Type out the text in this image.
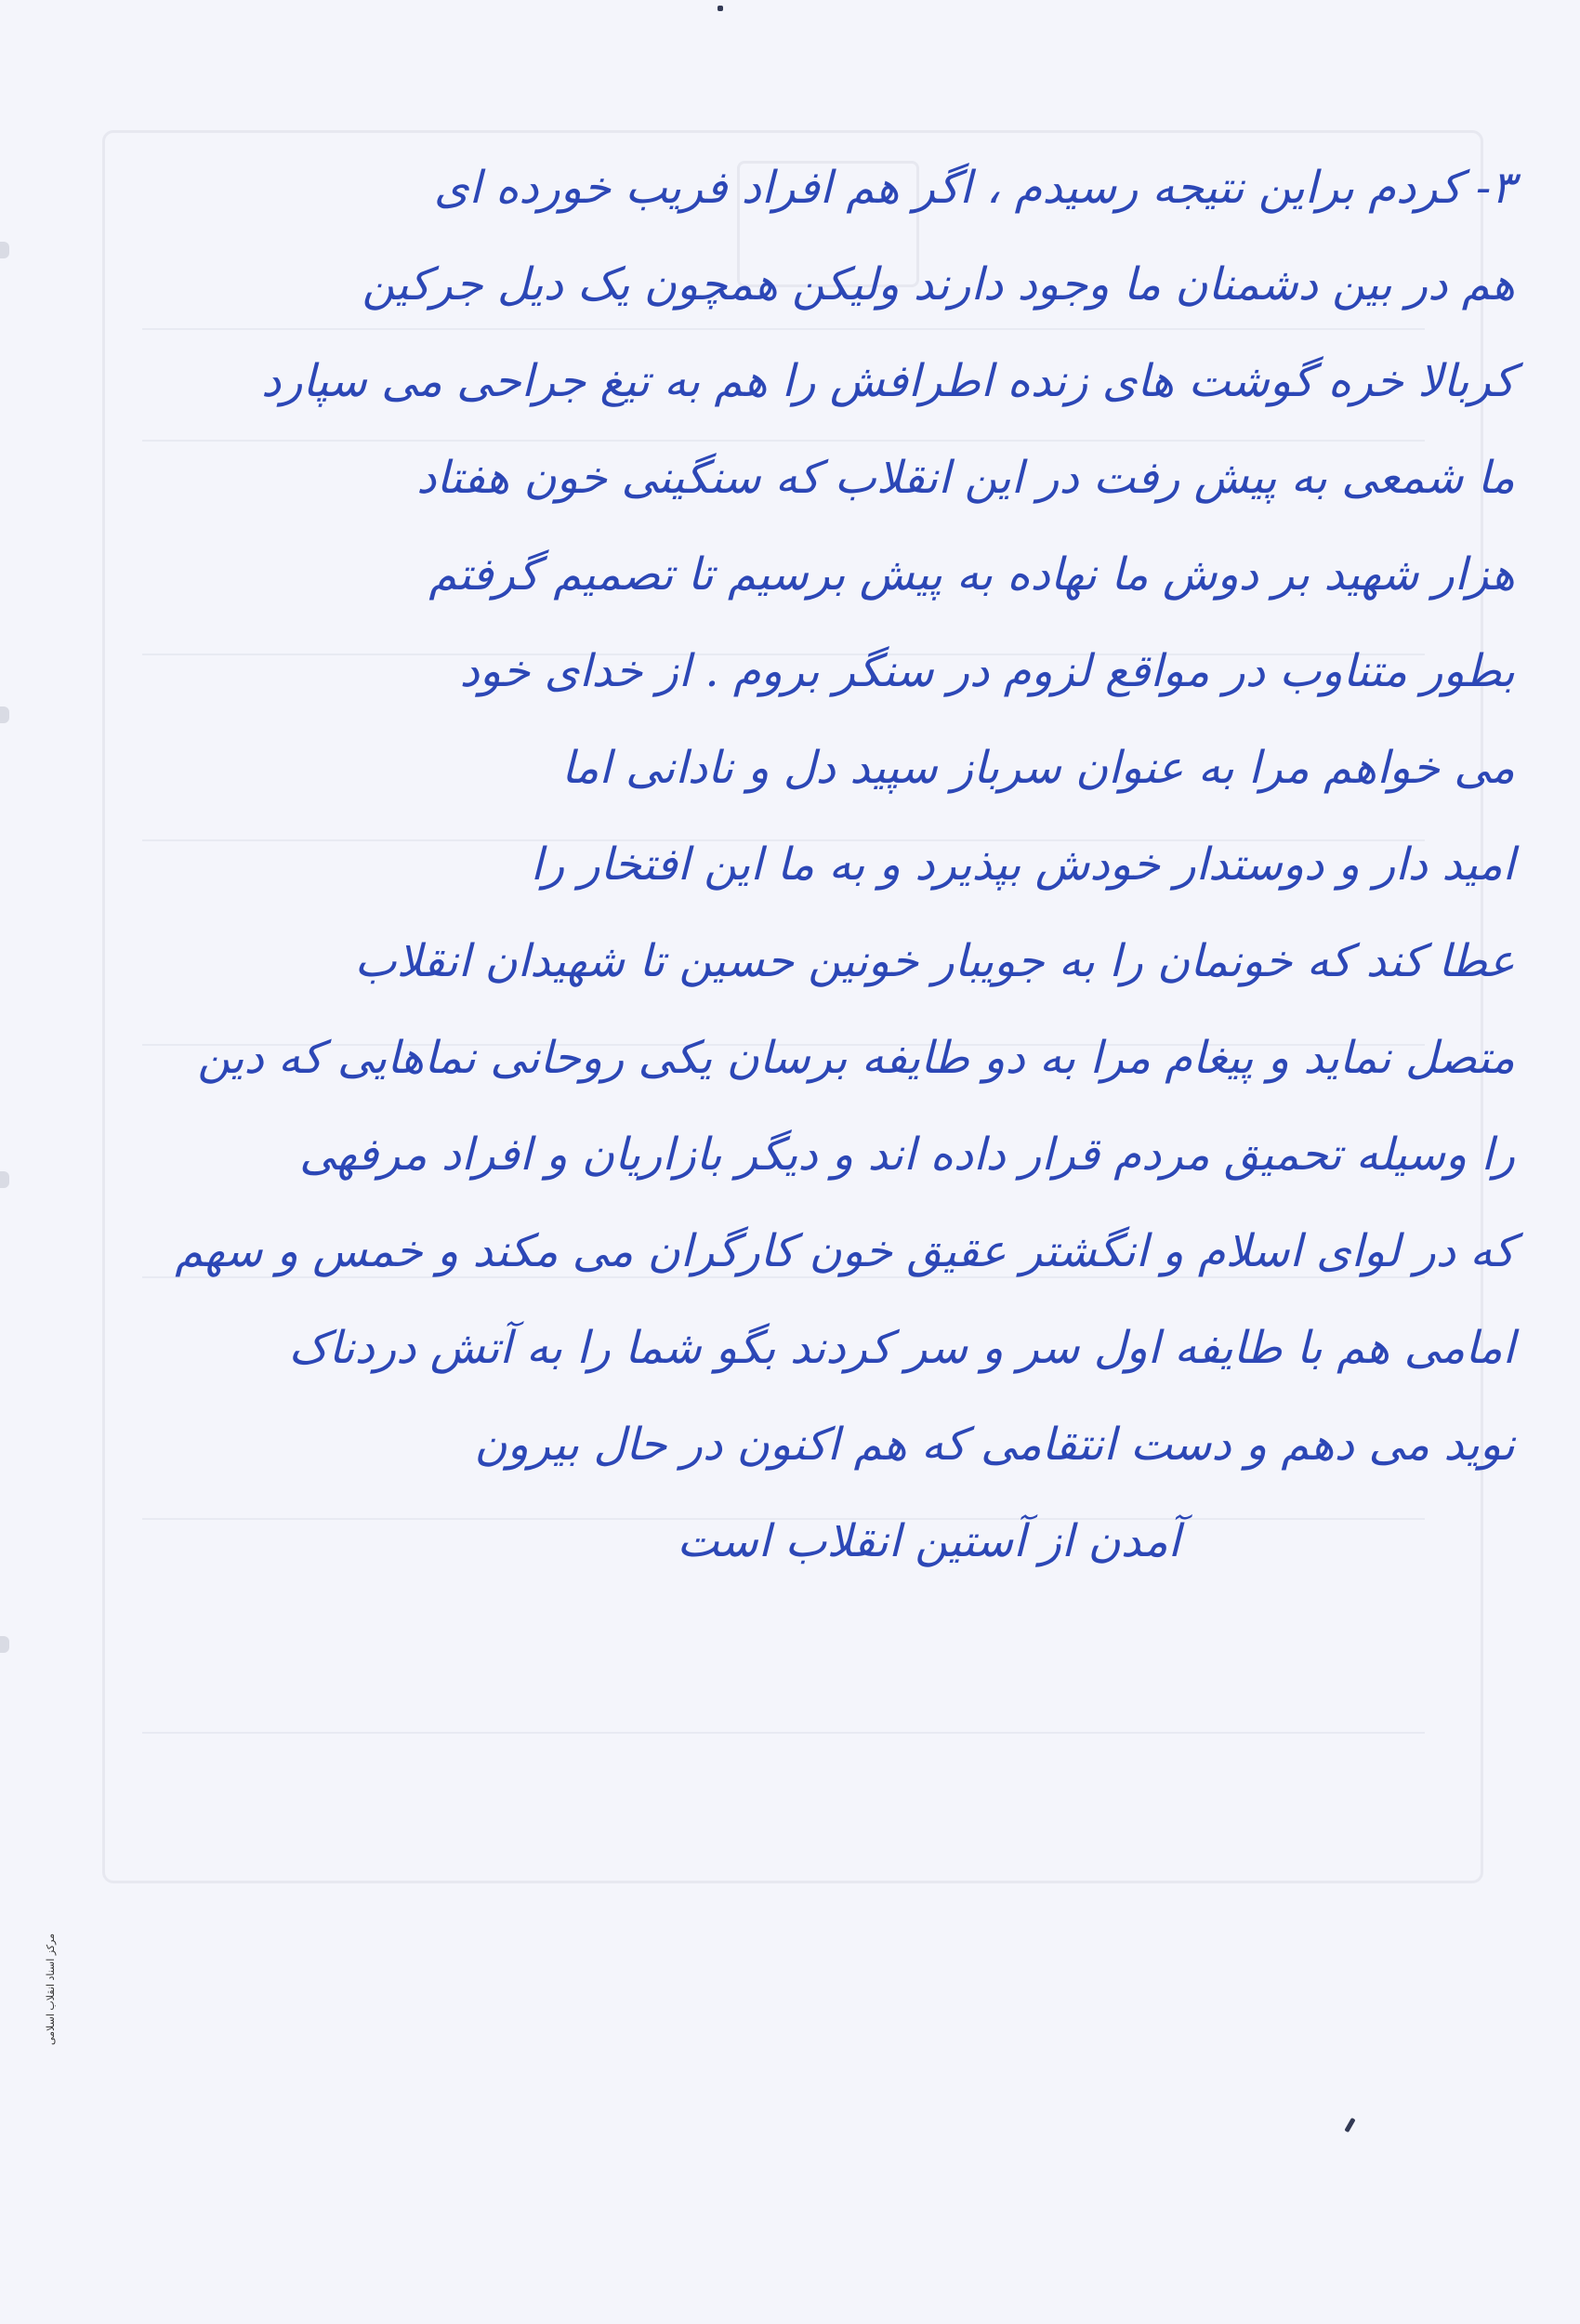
مرکز اسناد انقلاب اسلامی
۳- کردم براین نتیجه رسیدم ، اگر هم افراد فریب خورده ای
هم در بین دشمنان ما وجود دارند ولیکن همچون یک دیل جرکین
کربالا خره گوشت های زنده اطرافش را هم به تیغ جراحی می سپارد
ما شمعی به پیش رفت در این انقلاب که سنگینی خون هفتاد
هزار شهید بر دوش ما نهاده به پیش برسیم تا تصمیم گرفتم
بطور متناوب در مواقع لزوم در سنگر بروم . از خدای خود
می خواهم مرا به عنوان سرباز سپید دل و نادانی اما
امید دار و دوستدار خودش بپذیرد و به ما این افتخار را
عطا کند که خونمان را به جویبار خونین حسین تا شهیدان انقلاب
متصل نماید و پیغام مرا به دو طایفه برسان یکی روحانی نماهایی که دین
را وسیله تحمیق مردم قرار داده اند و دیگر بازاریان و افراد مرفهی
که در لوای اسلام و انگشتر عقیق خون کارگران می مکند و خمس و سهم
امامی هم با طایفه اول سر و سر کردند بگو شما را به آتش دردناک
نوید می دهم و دست انتقامی که هم اکنون در حال بیرون
آمدن از آستین انقلاب است
